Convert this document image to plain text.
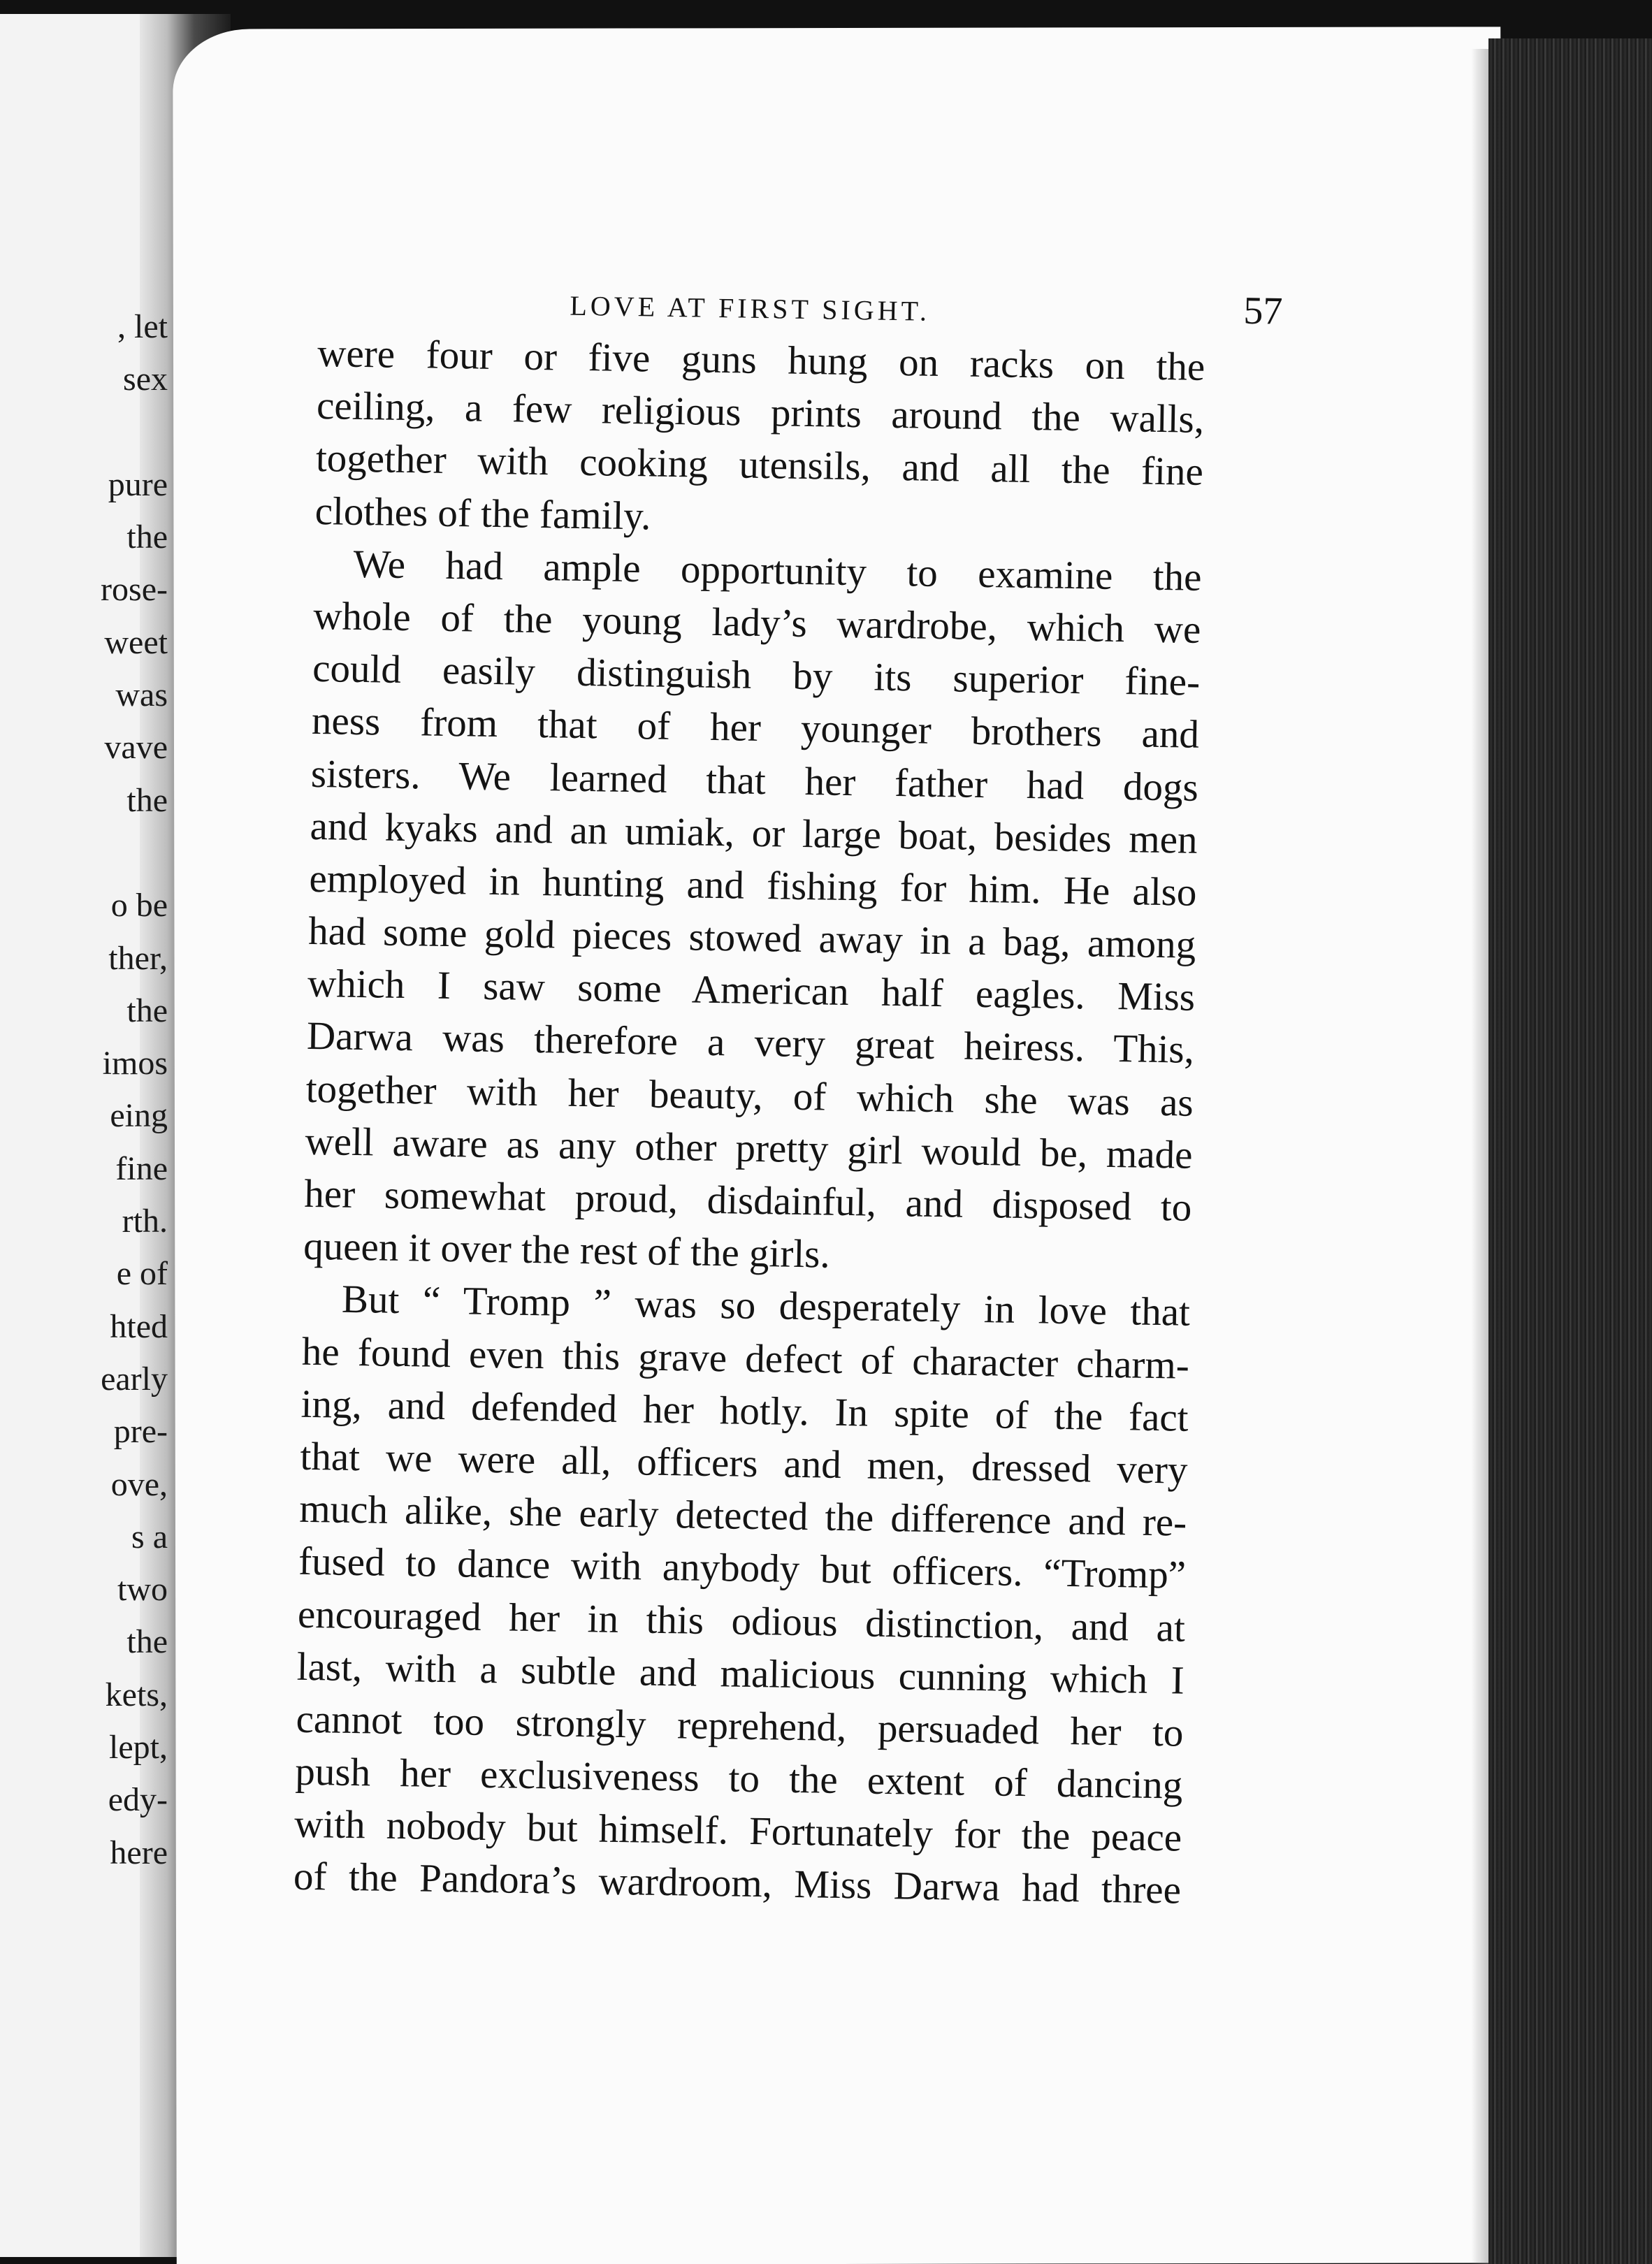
, let
sex
pure
the
rose-
weet
was
vave
the
o be
ther,
the
imos
eing
fine
rth.
e of
hted
early
pre-
ove,
s a
two
the
kets,
lept,
edy-
here
LOVE AT FIRST SIGHT.	57
were four or five guns hung on racks on the
ceiling, a few religious prints around the walls,
together with cooking utensils, and all the fine
clothes of the family.
We had ample opportunity to examine the
whole of the young lady’s wardrobe, which we
could easily distinguish by its superior fine-
ness from that of her younger brothers and
sisters. We learned that her father had dogs
and kyaks and an umiak, or large boat, besides men
employed in hunting and fishing for him. He also
had some gold pieces stowed away in a bag, among
which I saw some American half eagles. Miss
Darwa was therefore a very great heiress. This,
together with her beauty, of which she was as
well aware as any other pretty girl would be, made
her somewhat proud, disdainful, and disposed to
queen it over the rest of the girls.
But “ Tromp ” was so desperately in love that
he found even this grave defect of character charm-
ing, and defended her hotly. In spite of the fact
that we were all, officers and men, dressed very
much alike, she early detected the difference and re-
fused to dance with anybody but officers. “Tromp”
encouraged her in this odious distinction, and at
last, with a subtle and malicious cunning which I
cannot too strongly reprehend, persuaded her to
push her exclusiveness to the extent of dancing
with nobody but himself. Fortunately for the peace
of the Pandora’s wardroom, Miss Darwa had three
